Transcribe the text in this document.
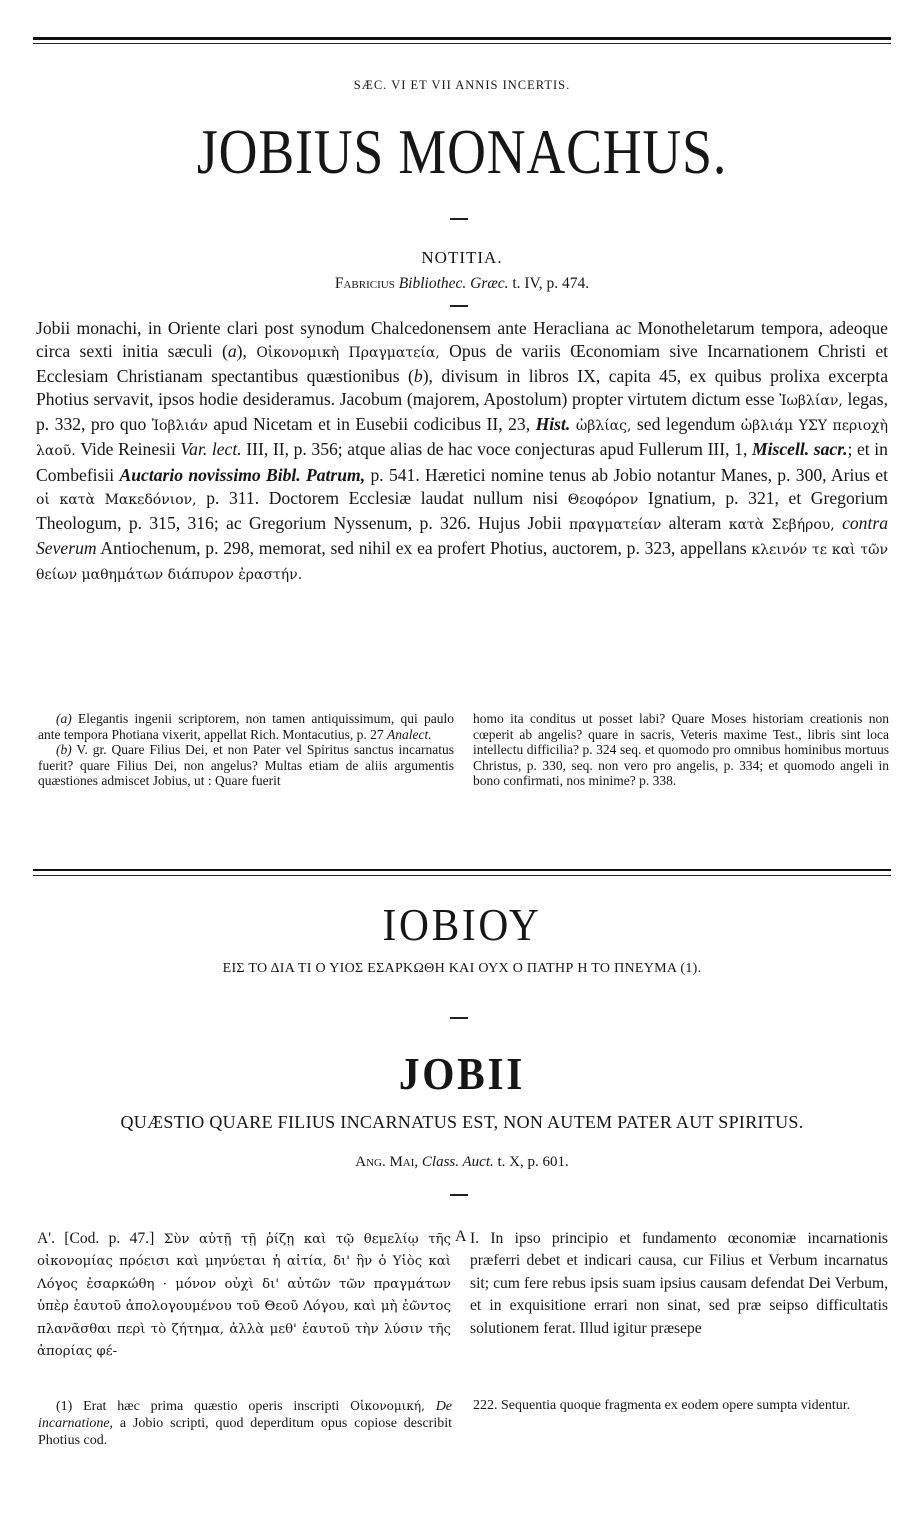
SÆC. VI ET VII ANNIS INCERTIS.
JOBIUS MONACHUS.
NOTITIA.
Fabricius Bibliothec. Græc. t. IV, p. 474.
Jobii monachi, in Oriente clari post synodum Chalcedonensem ante Heracliana ac Monotheletarum tempora, adeoque circa sexti initia sæculi (a), Οἰκονομικὴ Πραγματεία, Opus de variis Œconomiam sive Incarnationem Christi et Ecclesiam Christianam spectantibus quæstionibus (b), divisum in libros IX, capita 45, ex quibus prolixa excerpta Photius servavit, ipsos hodie desideramus. Jacobum (majorem, Apostolum) propter virtutem dictum esse Ἰωβλίαν, legas, p. 332, pro quo Ἰοβλιάν apud Nicetam et in Eusebii codicibus II, 23, Hist. ὠβλίας, sed legendum ὠβλιάμ ΥΣΥ περιοχὴ λαοῦ. Vide Reinesii Var. lect. III, II, p. 356; atque alias de hac voce conjecturas apud Fullerum III, 1, Miscell. sacr.; et in Combefisii Auctario novissimo Bibl. Patrum, p. 541. Hæretici nomine tenus ab Jobio notantur Manes, p. 300, Arius et οἱ κατὰ Μακεδόνιον, p. 311. Doctorem Ecclesiæ laudat nullum nisi Θεοφόρον Ignatium, p. 321, et Gregorium Theologum, p. 315, 316; ac Gregorium Nyssenum, p. 326. Hujus Jobii πραγματείαν alteram κατὰ Σεβήρου, contra Severum Antiochenum, p. 298, memorat, sed nihil ex ea profert Photius, auctorem, p. 323, appellans κλεινόν τε καὶ τῶν θείων μαθημάτων διάπυρον ἐραστήν.

(a) Elegantis ingenii scriptorem, non tamen antiquissimum, qui paulo ante tempora Photiana vixerit, appellat Rich. Montacutius, p. 27 Analect.

(b) V. gr. Quare Filius Dei, et non Pater vel Spiritus sanctus incarnatus fuerit? quare Filius Dei, non angelus? Multas etiam de aliis argumentis quæstiones admiscet Jobius, ut : Quare fuerit

homo ita conditus ut posset labi? Quare Moses historiam creationis non cœperit ab angelis? quare in sacris, Veteris maxime Test., libris sint loca intellectu difficilia? p. 324 seq. et quomodo pro omnibus hominibus mortuus Christus, p. 330, seq. non vero pro angelis, p. 334; et quomodo angeli in bono confirmati, nos minime? p. 338.
ΙΟΒΙΟΥ
ΕΙΣ ΤΟ ΔΙΑ ΤΙ Ο ΥΙΟΣ ΕΣΑΡΚΩΘΗ ΚΑΙ ΟΥΧ Ο ΠΑΤΗΡ Η ΤΟ ΠΝΕΥΜΑ (1).
JOBII
QUÆSTIO QUARE FILIUS INCARNATUS EST, NON AUTEM PATER AUT SPIRITUS.
Ang. Mai, Class. Auct. t. X, p. 601.
Α'. [Cod. p. 47.] Σὺν αὐτῇ τῇ ῥίζῃ καὶ τῷ θεμελίῳ τῆς οἰκονομίας πρόεισι καὶ μηνύεται ἡ αἰτία, δι' ἣν ὁ Υἱὸς καὶ Λόγος ἐσαρκώθη · μόνον οὐχὶ δι' αὐτῶν τῶν πραγμάτων ὑπὲρ ἑαυτοῦ ἀπολογουμένου τοῦ Θεοῦ Λόγου, καὶ μὴ ἐῶντος πλανᾶσθαι περὶ τὸ ζήτημα, ἀλλὰ μεθ' ἑαυτοῦ τὴν λύσιν τῆς ἀπορίας φέ-
A I. In ipso principio et fundamento œconomiæ incarnationis præferri debet et indicari causa, cur Filius et Verbum incarnatus sit; cum fere rebus ipsis suam ipsius causam defendat Dei Verbum, et in exquisitione errari non sinat, sed præ seipso difficultatis solutionem ferat. Illud igitur præsepe

(1) Erat hæc prima quæstio operis inscripti Οἰκονομική, De incarnatione, a Jobio scripti, quod deperditum opus copiose describit Photius cod.

222. Sequentia quoque fragmenta ex eodem opere sumpta videntur.
